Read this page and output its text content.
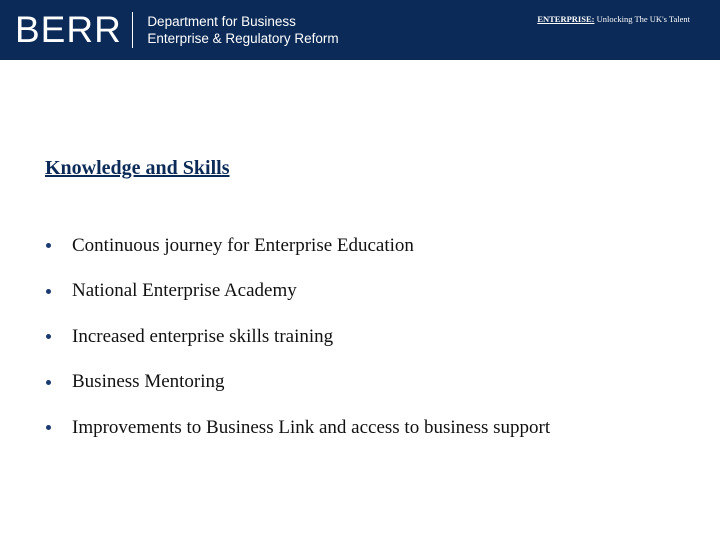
BERR Department for Business
Enterprise & Regulatory Reform
ENTERPRISE: Unlocking The UK's Talent
Knowledge and Skills
Continuous journey for Enterprise Education
National Enterprise Academy
Increased enterprise skills training
Business Mentoring
Improvements to Business Link and access to business support
